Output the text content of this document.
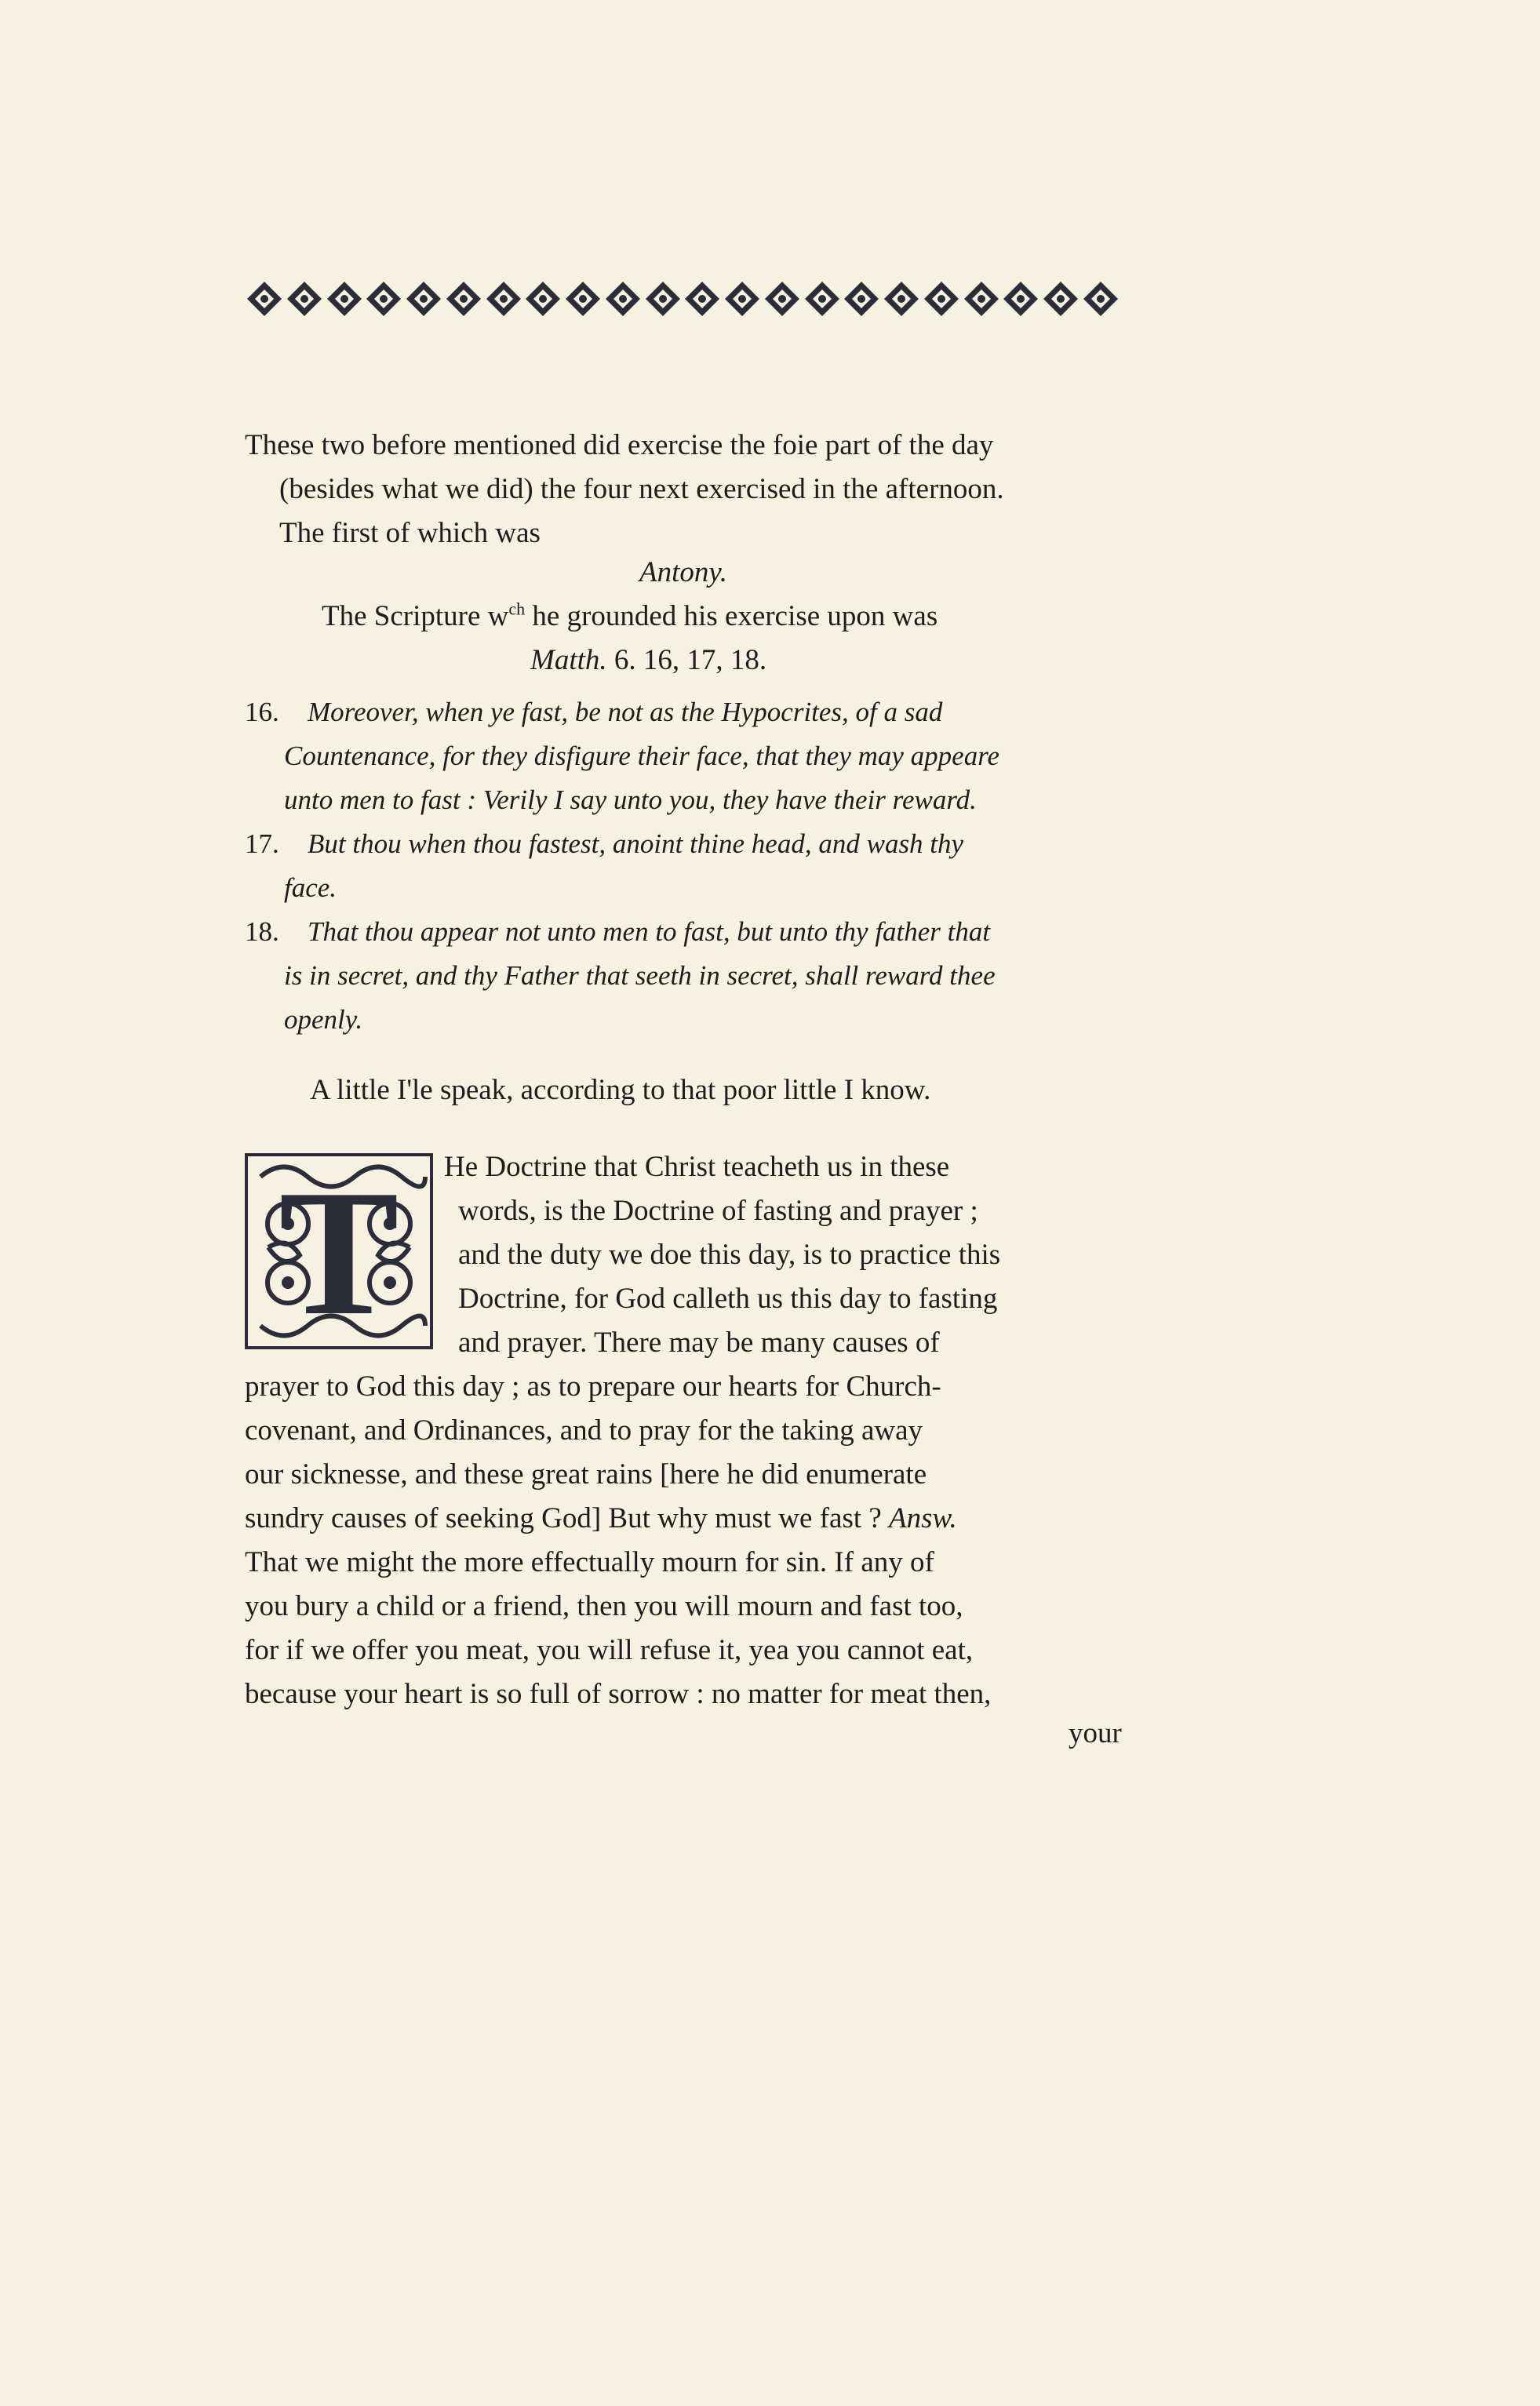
These two before mentioned did exercise the foie part of the day
(besides what we did) the four next exercised in the afternoon.
The first of which was
Antony.
The Scripture $w^{ch}$ he grounded his exercise upon was
Matth. 6. 16, 17, 18.
16. Moreover, when ye fast, be not as the Hypocrites, of a sad
Countenance, for they disfigure their face, that they may appeare
unto men to fast : Verily I say unto you, they have their reward.
17. But thou when thou fastest, anoint thine head, and wash thy
face.
18. That thou appear not unto men to fast, but unto thy father that
is in secret, and thy Father that seeth in secret, shall reward thee
openly.
A little I'le speak, according to that poor little I know.
T	He Doctrine that Christ teacheth us in these
words, is the Doctrine of fasting and prayer ;
and the duty we doe this day, is to practice this
Doctrine, for God calleth us this day to fasting
and prayer. There may be many causes of
prayer to God this day ; as to prepare our hearts for Church-
covenant, and Ordinances, and to pray for the taking away
our sicknesse, and these great rains [here he did enumerate
sundry causes of seeking God] But why must we fast ? Answ.
That we might the more effectually mourn for sin. If any of
you bury a child or a friend, then you will mourn and fast too,
for if we offer you meat, you will refuse it, yea you cannot eat,
because your heart is so full of sorrow : no matter for meat then,
your
